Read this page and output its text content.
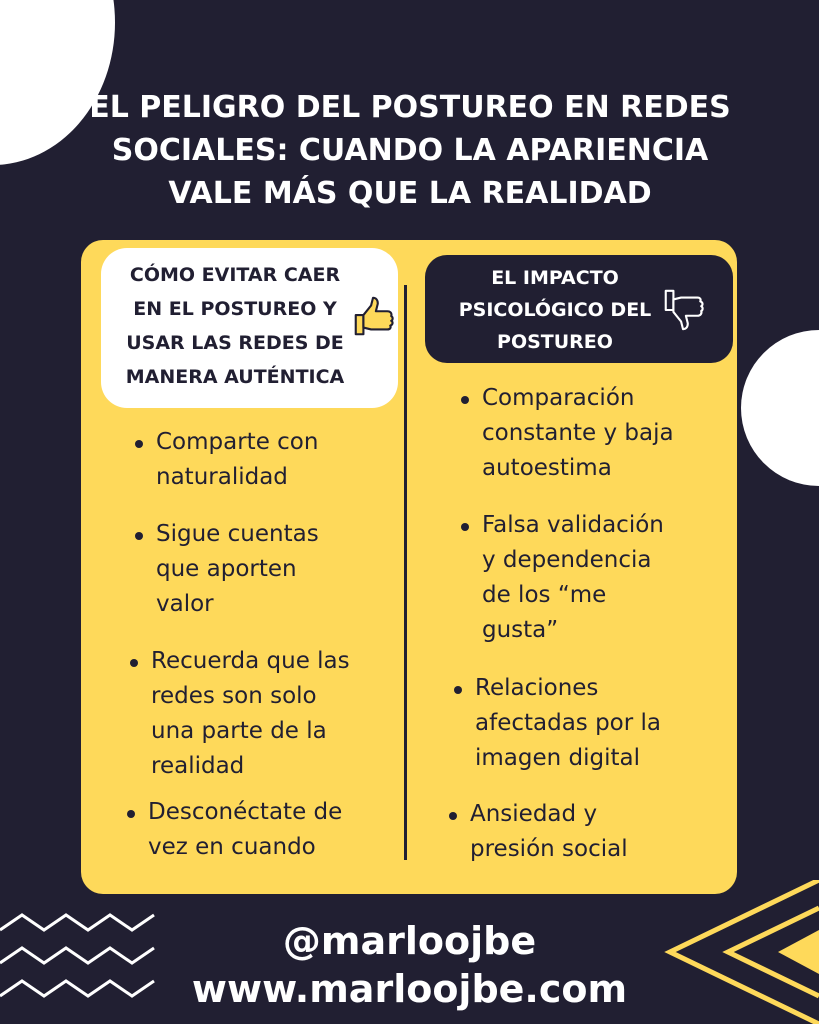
EL PELIGRO DEL POSTUREO EN REDES
SOCIALES: CUANDO LA APARIENCIA
VALE MÁS QUE LA REALIDAD
CÓMO EVITAR CAER
EN EL POSTUREO Y
USAR LAS REDES DE
MANERA AUTÉNTICA
EL IMPACTO
PSICOLÓGICO DEL
POSTUREO
Comparte con
naturalidad
Sigue cuentas
que aporten
valor
Recuerda que las
redes son solo
una parte de la
realidad
Desconéctate de
vez en cuando
Comparación
constante y baja
autoestima
Falsa validación
y dependencia
de los “me
gusta”
Relaciones
afectadas por la
imagen digital
Ansiedad y
presión social
@marloojbe
www.marloojbe.com
